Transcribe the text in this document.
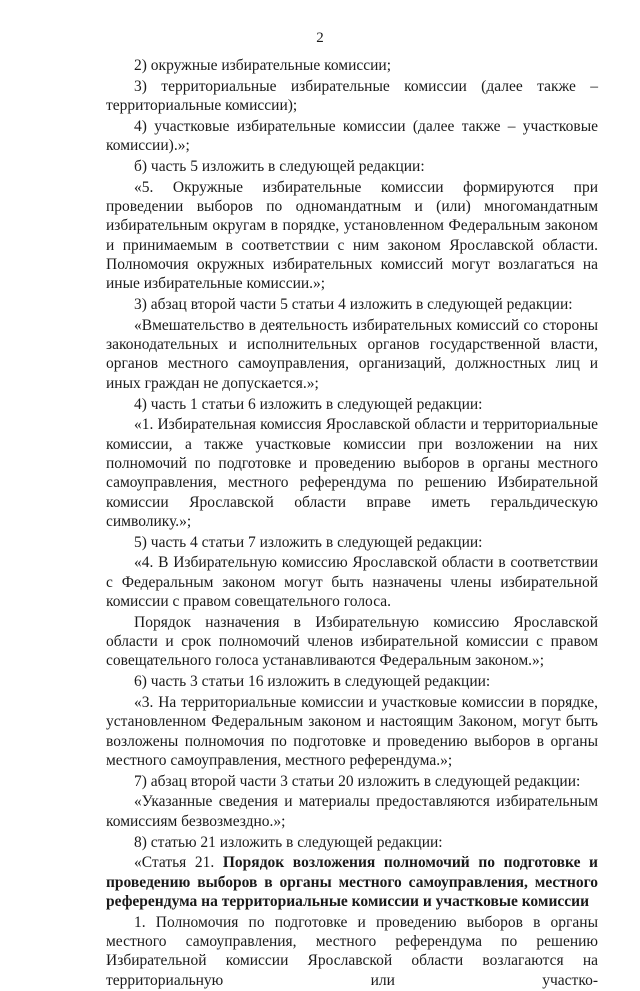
2

2) окружные избирательные комиссии;

3) территориальные избирательные комиссии (далее также – территориальные комиссии);

4) участковые избирательные комиссии (далее также – участковые комиссии).»;

б) часть 5 изложить в следующей редакции:

«5. Окружные избирательные комиссии формируются при проведении выборов по одномандатным и (или) многомандатным избирательным округам в порядке, установленном Федеральным законом и принимаемым в соответствии с ним законом Ярославской области. Полномочия окружных избирательных комиссий могут возлагаться на иные избирательные комиссии.»;

3) абзац второй части 5 статьи 4 изложить в следующей редакции:

«Вмешательство в деятельность избирательных комиссий со стороны законодательных и исполнительных органов государственной власти, органов местного самоуправления, организаций, должностных лиц и иных граждан не допускается.»;

4) часть 1 статьи 6 изложить в следующей редакции:

«1. Избирательная комиссия Ярославской области и территориальные комиссии, а также участковые комиссии при возложении на них полномочий по подготовке и проведению выборов в органы местного самоуправления, местного референдума по решению Избирательной комиссии Ярославской области вправе иметь геральдическую символику.»;

5) часть 4 статьи 7 изложить в следующей редакции:

«4. В Избирательную комиссию Ярославской области в соответствии с Федеральным законом могут быть назначены члены избирательной комиссии с правом совещательного голоса.

Порядок назначения в Избирательную комиссию Ярославской области и срок полномочий членов избирательной комиссии с правом совещательного голоса устанавливаются Федеральным законом.»;

6) часть 3 статьи 16 изложить в следующей редакции:

«3. На территориальные комиссии и участковые комиссии в порядке, установленном Федеральным законом и настоящим Законом, могут быть возложены полномочия по подготовке и проведению выборов в органы местного самоуправления, местного референдума.»;

7) абзац второй части 3 статьи 20 изложить в следующей редакции:

«Указанные сведения и материалы предоставляются избирательным комиссиям безвозмездно.»;

8) статью 21 изложить в следующей редакции:

«Статья 21. Порядок возложения полномочий по подготовке и проведению выборов в органы местного самоуправления, местного референдума на территориальные комиссии и участковые комиссии

1. Полномочия по подготовке и проведению выборов в органы местного самоуправления, местного референдума по решению Избирательной комиссии Ярославской области возлагаются на территориальную или участко-
